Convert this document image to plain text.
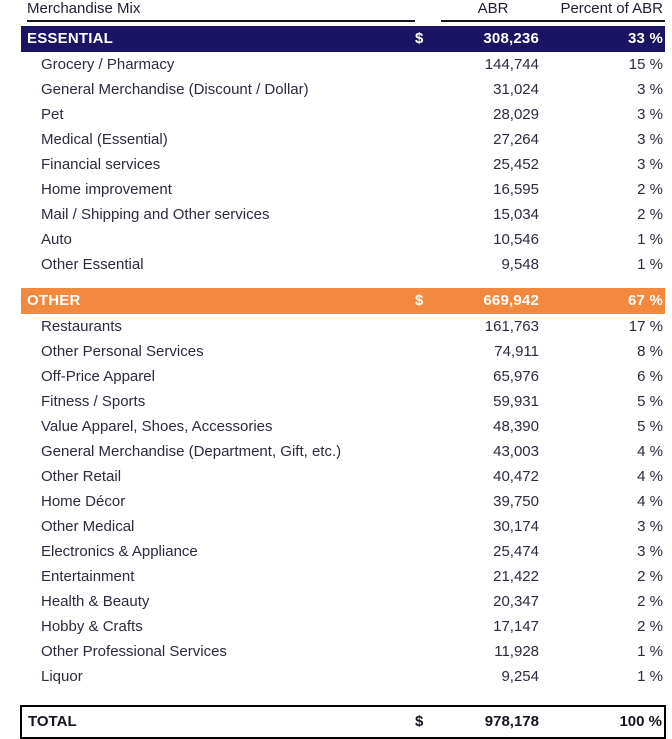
Merchandise Mix		ABR	Percent of ABR

ESSENTIAL	$	308,236	33 %
Grocery / Pharmacy		144,744	15 %
General Merchandise (Discount / Dollar)		31,024	3 %
Pet		28,029	3 %
Medical (Essential)		27,264	3 %
Financial services		25,452	3 %
Home improvement		16,595	2 %
Mail / Shipping and Other services		15,034	2 %
Auto		10,546	1 %
Other Essential		9,548	1 %

OTHER	$	669,942	67 %
Restaurants		161,763	17 %
Other Personal Services		74,911	8 %
Off-Price Apparel		65,976	6 %
Fitness / Sports		59,931	5 %
Value Apparel, Shoes, Accessories		48,390	5 %
General Merchandise (Department, Gift, etc.)		43,003	4 %
Other Retail		40,472	4 %
Home Décor		39,750	4 %
Other Medical		30,174	3 %
Electronics & Appliance		25,474	3 %
Entertainment		21,422	2 %
Health & Beauty		20,347	2 %
Hobby & Crafts		17,147	2 %
Other Professional Services		11,928	1 %
Liquor		9,254	1 %

TOTAL	$	978,178	100 %
